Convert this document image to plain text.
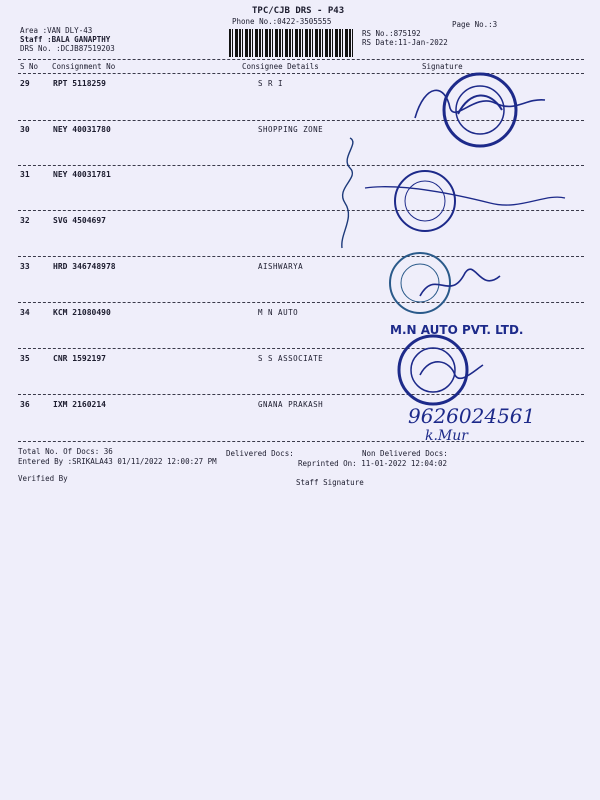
TPC/CJB DRS - P43
Phone No.:0422-3505555	Page No.:3
Area :VAN DLY-43
Staff :BALA GANAPTHY
DRS No. :DCJB87519203
RS No.:875192
RS Date:11-Jan-2022
S No Consignment No	Consignee Details	Signature
29	RPT 5118259	S R I
30	NEY 40031780	SHOPPING ZONE
31	NEY 40031781
32	SVG 4504697
33	HRD 346748978	AISHWARYA
34	KCM 21080490	M N AUTO
35	CNR 1592197	S S ASSOCIATE
36	IXM 2160214	GNANA PRAKASH
Total No. Of Docs: 36	Delivered Docs:	Non Delivered Docs:
Entered By :SRIKALA43 01/11/2022 12:00:27 PM	Reprinted On: 11-01-2022 12:04:02
Verified By	Staff Signature
M.N AUTO PVT. LTD.
9626024561
k.Mur
